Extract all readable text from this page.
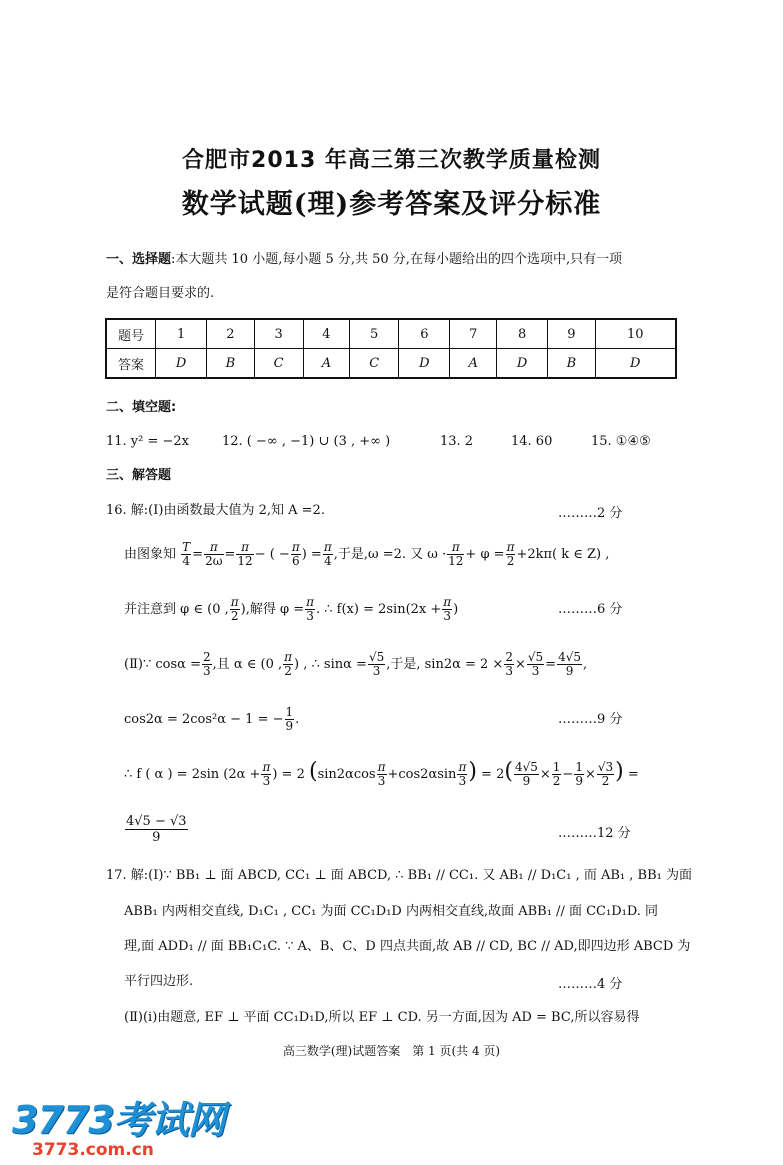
合肥市2013 年高三第三次教学质量检测
数学试题(理)参考答案及评分标准
一、选择题:本大题共 10 小题,每小题 5 分,共 50 分,在每小题给出的四个选项中,只有一项
是符合题目要求的.
题号	1	2	3	4	5	6	7	8	9	10
答案	D	B	C	A	C	D	A	D	B	D
二、填空题:
11. y² = −2x	12. ( −∞ , −1) ∪ (3 , +∞ )	13. 2	14. 60	15. ①④⑤
三、解答题
16. 解:(Ⅰ)由函数最大值为 2,知 A =2.	………2 分
由图象知 $\frac{T}{4} = \frac{\pi}{2\omega} = \frac{\pi}{12}$ − ( − $\frac{\pi}{6}$ ) = $\frac{\pi}{4}$ ,于是,ω =2. 又 $\omega \cdot \frac{\pi}{12} + \varphi = \frac{\pi}{2} +2k\pi$( k ∈ Z) ,
并注意到 φ ∈ (0 , $\frac{\pi}{2}$ ),解得 $\varphi = \frac{\pi}{3}$ . ∴ $f(x) = 2\sin(2x + \frac{\pi}{3}$ )	………6 分
(Ⅱ)∵ $\cos\alpha = \frac{2}{3}$ ,且 α ∈ (0 , $\frac{\pi}{2}$ ) , ∴ $\sin\alpha = \frac{√5}{3}$ ,于是, $\sin 2\alpha = 2 \times \frac{2}{3} \times \frac{√5}{3} = \frac{4√5}{9}$ ,
cos2α = 2cos²α − 1 = − $\frac{1}{9}$ .	………9 分
∴ f ( α ) = 2sin ($2\alpha + \frac{\pi}{3}$ ) = 2 ($\sin 2\alpha\cos \frac{\pi}{3} +\cos 2\alpha\sin \frac{\pi}{3}$ ) = $2( \frac{4√5}{9} \times \frac{1}{2} - \frac{1}{9} \times \frac{√3}{2}$ ) =
$\frac{4√5 - √3}{9}$	………12 分
17. 解:(Ⅰ)∵ BB₁ ⊥ 面 ABCD, CC₁ ⊥ 面 ABCD, ∴ BB₁ // CC₁. 又 AB₁ // D₁C₁ , 而 AB₁ , BB₁ 为面
ABB₁ 内两相交直线, D₁C₁ , CC₁ 为面 CC₁D₁D 内两相交直线,故面 ABB₁ // 面 CC₁D₁D. 同
理,面 ADD₁ // 面 BB₁C₁C. ∵ A、B、C、D 四点共面,故 AB // CD, BC // AD,即四边形 ABCD 为
平行四边形.	………4 分
(Ⅱ)(i)由题意, EF ⊥ 平面 CC₁D₁D,所以 EF ⊥ CD. 另一方面,因为 AD = BC,所以容易得
高三数学(理)试题答案　第 1 页(共 4 页)
3773考试网
3773.com.cn
